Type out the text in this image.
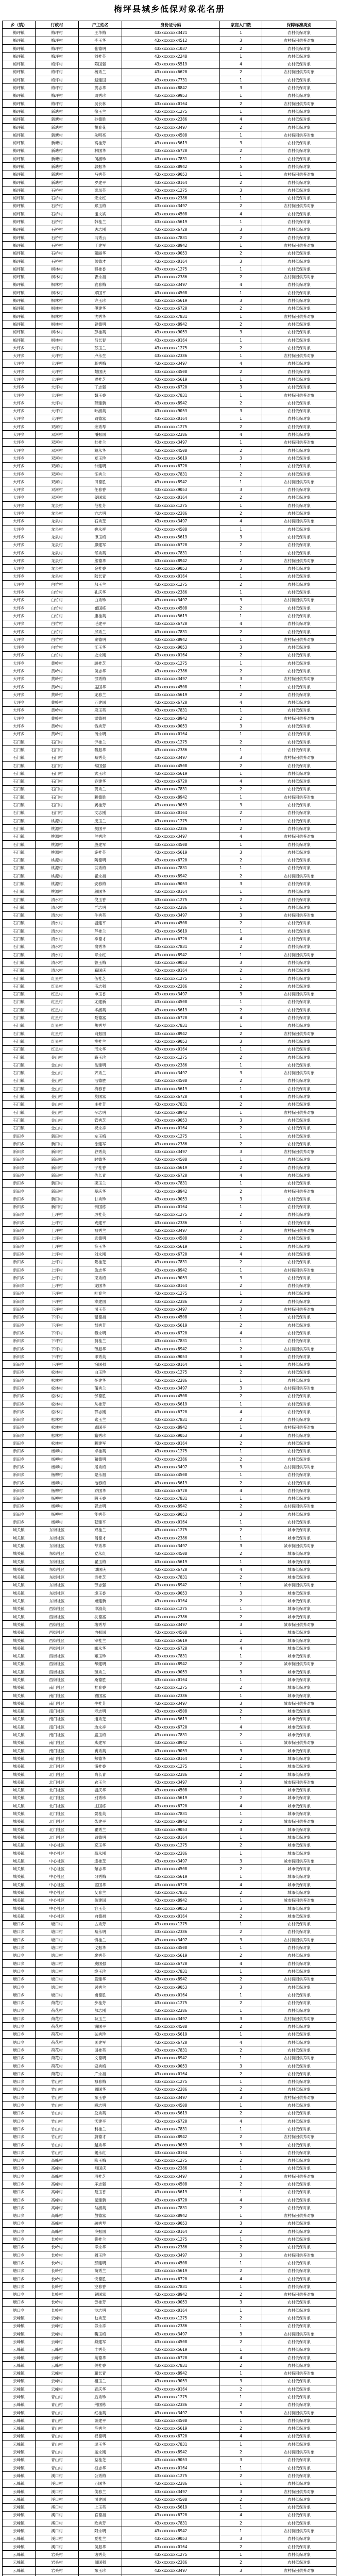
梅坪县城乡低保对象花名册
乡（镇）	行政村	户主姓名	身份证号码	家庭人口数	保障标准类别
梅坪镇	梅坪村	王华梅	43xxxxxxxx3421	1	农村低保对象
梅坪镇	梅坪村	李玉华	43xxxxxxxx4512	3	农村特困供养对象
梅坪镇	梅坪村	张德明	43xxxxxxxx1037	2	农村低保对象
梅坪镇	梅坪村	刘桂英	43xxxxxxxx2248	1	农村低保对象
梅坪镇	梅坪村	陈国强	43xxxxxxxx5519	4	农村低保对象
梅坪镇	梅坪村	杨秀兰	43xxxxxxxx6620	2	农村特困供养对象
梅坪镇	梅坪村	赵建国	43xxxxxxxx7731	1	农村低保对象
梅坪镇	梅坪村	黄志华	43xxxxxxxx8842	3	农村低保对象
梅坪镇	梅坪村	周秀珍	43xxxxxxxx9953	1	农村低保对象
梅坪镇	梅坪村	吴长林	43xxxxxxxx0164	2	农村特困供养对象
梅坪镇	新塘村	徐玉兰	43xxxxxxxx1275	1	农村低保对象
梅坪镇	新塘村	孙德胜	43xxxxxxxx2386	4	农村低保对象
梅坪镇	新塘村	胡春花	43xxxxxxxx3497	2	农村低保对象
梅坪镇	新塘村	朱明亮	43xxxxxxxx4508	1	农村特困供养对象
梅坪镇	新塘村	高桂芳	43xxxxxxxx5619	3	农村低保对象
梅坪镇	新塘村	林国华	43xxxxxxxx6720	2	农村低保对象
梅坪镇	新塘村	何淑珍	43xxxxxxxx7831	1	农村低保对象
梅坪镇	新塘村	郭振华	43xxxxxxxx8942	5	农村低保对象
梅坪镇	新塘村	马秀英	43xxxxxxxx9053	1	农村特困供养对象
梅坪镇	新塘村	罗建平	43xxxxxxxx0164	2	农村低保对象
梅坪镇	石桥村	梁凤英	43xxxxxxxx1275	3	农村低保对象
梅坪镇	石桥村	宋永红	43xxxxxxxx2386	1	农村低保对象
梅坪镇	石桥村	郑玉梅	43xxxxxxxx3497	2	农村特困供养对象
梅坪镇	石桥村	谢文斌	43xxxxxxxx4508	4	农村低保对象
梅坪镇	石桥村	韩桂兰	43xxxxxxxx5619	1	农村低保对象
梅坪镇	石桥村	唐志刚	43xxxxxxxx6720	3	农村低保对象
梅坪镇	石桥村	冯秀云	43xxxxxxxx7831	2	农村低保对象
梅坪镇	石桥村	于建军	43xxxxxxxx8942	1	农村特困供养对象
梅坪镇	石桥村	董丽华	43xxxxxxxx9053	2	农村低保对象
梅坪镇	石桥村	萧德才	43xxxxxxxx0164	3	农村低保对象
梅坪镇	枫林村	程桂香	43xxxxxxxx1275	1	农村低保对象
梅坪镇	枫林村	曹永福	43xxxxxxxx2386	2	农村特困供养对象
梅坪镇	枫林村	袁春梅	43xxxxxxxx3497	4	农村低保对象
梅坪镇	枫林村	邓国平	43xxxxxxxx4508	1	农村低保对象
梅坪镇	枫林村	许玉珍	43xxxxxxxx5619	3	农村低保对象
梅坪镇	枫林村	傅建华	43xxxxxxxx6720	2	农村低保对象
梅坪镇	枫林村	沈秀华	43xxxxxxxx7831	1	农村特困供养对象
梅坪镇	枫林村	曾德明	43xxxxxxxx8942	2	农村低保对象
梅坪镇	枫林村	彭桂英	43xxxxxxxx9053	3	农村低保对象
梅坪镇	枫林村	吕长春	43xxxxxxxx0164	1	农村低保对象
大坪乡	大坪村	苏玉兰	43xxxxxxxx1275	2	农村低保对象
大坪乡	大坪村	卢永生	43xxxxxxxx2386	1	农村特困供养对象
大坪乡	大坪村	蒋秀梅	43xxxxxxxx3497	4	农村低保对象
大坪乡	大坪村	蔡国庆	43xxxxxxxx4508	2	农村低保对象
大坪乡	大坪村	贾桂芝	43xxxxxxxx5619	1	农村低保对象
大坪乡	大坪村	丁志强	43xxxxxxxx6720	3	农村低保对象
大坪乡	大坪村	魏玉香	43xxxxxxxx7831	1	农村特困供养对象
大坪乡	大坪村	薛建新	43xxxxxxxx8942	2	农村低保对象
大坪乡	大坪村	叶淑英	43xxxxxxxx9053	3	农村低保对象
大坪乡	大坪村	阎德富	43xxxxxxxx0164	1	农村低保对象
大坪乡	双河村	余秀琴	43xxxxxxxx1275	2	农村低保对象
大坪乡	双河村	潘振国	43xxxxxxxx2386	4	农村低保对象
大坪乡	双河村	杜桂兰	43xxxxxxxx3497	1	农村特困供养对象
大坪乡	双河村	戴永华	43xxxxxxxx4508	2	农村低保对象
大坪乡	双河村	夏玉珍	43xxxxxxxx5619	3	农村低保对象
大坪乡	双河村	钟建明	43xxxxxxxx6720	1	农村低保对象
大坪乡	双河村	汪秀兰	43xxxxxxxx7831	2	农村低保对象
大坪乡	双河村	田德胜	43xxxxxxxx8942	1	农村特困供养对象
大坪乡	双河村	任春香	43xxxxxxxx9053	3	农村低保对象
大坪乡	双河村	姜国富	43xxxxxxxx0164	2	农村低保对象
大坪乡	龙泉村	范桂芳	43xxxxxxxx1275	1	农村低保对象
大坪乡	龙泉村	方志明	43xxxxxxxx2386	2	农村低保对象
大坪乡	龙泉村	石秀芝	43xxxxxxxx3497	4	农村特困供养对象
大坪乡	龙泉村	姚永祥	43xxxxxxxx4508	1	农村低保对象
大坪乡	龙泉村	谭玉梅	43xxxxxxxx5619	3	农村低保对象
大坪乡	龙泉村	廖建军	43xxxxxxxx6720	2	农村低保对象
大坪乡	龙泉村	邹秀英	43xxxxxxxx7831	1	农村低保对象
大坪乡	龙泉村	熊德华	43xxxxxxxx8942	2	农村特困供养对象
大坪乡	龙泉村	金桂香	43xxxxxxxx9053	3	农村低保对象
大坪乡	龙泉村	陆长青	43xxxxxxxx0164	1	农村低保对象
大坪乡	白竹村	郝玉兰	43xxxxxxxx1275	2	农村低保对象
大坪乡	白竹村	孔庆华	43xxxxxxxx2386	1	农村低保对象
大坪乡	白竹村	白秀珍	43xxxxxxxx3497	3	农村特困供养对象
大坪乡	白竹村	崔国栋	43xxxxxxxx4508	2	农村低保对象
大坪乡	白竹村	康桂英	43xxxxxxxx5619	1	农村低保对象
大坪乡	白竹村	毛建平	43xxxxxxxx6720	4	农村低保对象
大坪乡	白竹村	邱秀兰	43xxxxxxxx7831	2	农村低保对象
大坪乡	白竹村	秦德明	43xxxxxxxx8942	1	农村特困供养对象
大坪乡	白竹村	江玉华	43xxxxxxxx9053	3	农村低保对象
大坪乡	白竹村	史永刚	43xxxxxxxx0164	2	农村低保对象
大坪乡	黄岭村	顾桂芝	43xxxxxxxx1275	1	农村低保对象
大坪乡	黄岭村	侯志华	43xxxxxxxx2386	2	农村低保对象
大坪乡	黄岭村	邵秀梅	43xxxxxxxx3497	3	农村特困供养对象
大坪乡	黄岭村	孟国华	43xxxxxxxx4508	1	农村低保对象
大坪乡	黄岭村	龙春兰	43xxxxxxxx5619	2	农村低保对象
大坪乡	黄岭村	万建国	43xxxxxxxx6720	4	农村低保对象
大坪乡	黄岭村	段玉英	43xxxxxxxx7831	1	农村低保对象
大坪乡	黄岭村	雷德福	43xxxxxxxx8942	2	农村特困供养对象
大坪乡	黄岭村	钱秀芳	43xxxxxxxx9053	3	农村低保对象
大坪乡	黄岭村	汤永明	43xxxxxxxx0164	1	农村低保对象
石门镇	石门村	尹桂兰	43xxxxxxxx1275	2	农村低保对象
石门镇	石门村	黎振华	43xxxxxxxx2386	1	农村低保对象
石门镇	石门村	易秀英	43xxxxxxxx3497	3	农村特困供养对象
石门镇	石门村	常国强	43xxxxxxxx4508	2	农村低保对象
石门镇	石门村	武玉珍	43xxxxxxxx5619	1	农村低保对象
石门镇	石门村	乔建华	43xxxxxxxx6720	4	农村低保对象
石门镇	石门村	贺秀兰	43xxxxxxxx7831	2	农村低保对象
石门镇	石门村	赖德胜	43xxxxxxxx8942	1	农村特困供养对象
石门镇	石门村	龚桂芳	43xxxxxxxx9053	3	农村低保对象
石门镇	石门村	文志刚	43xxxxxxxx0164	2	农村低保对象
石门镇	桃源村	庞玉兰	43xxxxxxxx1275	1	农村低保对象
石门镇	桃源村	樊国平	43xxxxxxxx2386	2	农村低保对象
石门镇	桃源村	兰秀珍	43xxxxxxxx3497	4	农村特困供养对象
石门镇	桃源村	殷建军	43xxxxxxxx4508	1	农村低保对象
石门镇	桃源村	施桂英	43xxxxxxxx5619	3	农村低保对象
石门镇	桃源村	陶德明	43xxxxxxxx6720	2	农村低保对象
石门镇	桃源村	洪秀梅	43xxxxxxxx7831	1	农村低保对象
石门镇	桃源村	翟永福	43xxxxxxxx8942	2	农村特困供养对象
石门镇	桃源村	安春梅	43xxxxxxxx9053	3	农村低保对象
石门镇	桃源村	颜国华	43xxxxxxxx0164	1	农村低保对象
石门镇	清水村	倪玉香	43xxxxxxxx1275	2	农村低保对象
石门镇	清水村	严志明	43xxxxxxxx2386	1	农村低保对象
石门镇	清水村	牛秀英	43xxxxxxxx3497	3	农村特困供养对象
石门镇	清水村	温建平	43xxxxxxxx4508	2	农村低保对象
石门镇	清水村	芦桂兰	43xxxxxxxx5619	1	农村低保对象
石门镇	清水村	季德才	43xxxxxxxx6720	4	农村低保对象
石门镇	清水村	俞秀华	43xxxxxxxx7831	2	农村低保对象
石门镇	清水村	章永红	43xxxxxxxx8942	1	农村特困供养对象
石门镇	清水村	鲁玉梅	43xxxxxxxx9053	3	农村低保对象
石门镇	清水村	葛国庆	43xxxxxxxx0164	2	农村低保对象
石门镇	红星村	伍桂芝	43xxxxxxxx1275	1	农村低保对象
石门镇	红星村	韦志强	43xxxxxxxx2386	2	农村低保对象
石门镇	红星村	申玉香	43xxxxxxxx3497	3	农村特困供养对象
石门镇	红星村	尤建新	43xxxxxxxx4508	1	农村低保对象
石门镇	红星村	毕淑英	43xxxxxxxx5619	2	农村低保对象
石门镇	红星村	聂德富	43xxxxxxxx6720	4	农村低保对象
石门镇	红星村	焦秀琴	43xxxxxxxx7831	1	农村低保对象
石门镇	红星村	向振国	43xxxxxxxx8942	2	农村特困供养对象
石门镇	红星村	柳桂兰	43xxxxxxxx9053	3	农村低保对象
石门镇	红星村	邢永华	43xxxxxxxx0164	1	农村低保对象
石门镇	金山村	路玉珍	43xxxxxxxx1275	2	农村低保对象
石门镇	金山村	岳建明	43xxxxxxxx2386	1	农村低保对象
石门镇	金山村	齐秀兰	43xxxxxxxx3497	3	农村特困供养对象
石门镇	金山村	沿德胜	43xxxxxxxx4508	2	农村低保对象
石门镇	金山村	梅春香	43xxxxxxxx5619	1	农村低保对象
石门镇	金山村	莫国富	43xxxxxxxx6720	4	农村低保对象
石门镇	金山村	庄桂芳	43xxxxxxxx7831	2	农村低保对象
石门镇	金山村	辛志明	43xxxxxxxx8942	1	农村特困供养对象
石门镇	金山村	管秀芝	43xxxxxxxx9053	3	农村低保对象
石门镇	金山村	祝永祥	43xxxxxxxx0164	2	农村低保对象
新田乡	新田村	左玉梅	43xxxxxxxx1275	1	农村低保对象
新田乡	新田村	涂建军	43xxxxxxxx2386	2	农村低保对象
新田乡	新田村	谷秀英	43xxxxxxxx3497	3	农村特困供养对象
新田乡	新田村	时德华	43xxxxxxxx4508	1	农村低保对象
新田乡	新田村	宁桂香	43xxxxxxxx5619	2	农村低保对象
新田乡	新田村	仇长青	43xxxxxxxx6720	4	农村低保对象
新田乡	新田村	栾玉兰	43xxxxxxxx7831	1	农村低保对象
新田乡	新田村	暴庆华	43xxxxxxxx8942	2	农村特困供养对象
新田乡	新田村	甘秀珍	43xxxxxxxx9053	3	农村低保对象
新田乡	新田村	钭国栋	43xxxxxxxx0164	1	农村低保对象
新田乡	上坪村	厉桂英	43xxxxxxxx1275	2	农村低保对象
新田乡	上坪村	戎建平	43xxxxxxxx2386	1	农村低保对象
新田乡	上坪村	祖秀兰	43xxxxxxxx3497	3	农村特困供养对象
新田乡	上坪村	武德明	43xxxxxxxx4508	2	农村低保对象
新田乡	上坪村	符玉华	43xxxxxxxx5619	1	农村低保对象
新田乡	上坪村	刘永刚	43xxxxxxxx6720	4	农村低保对象
新田乡	上坪村	景桂芝	43xxxxxxxx7831	2	农村低保对象
新田乡	上坪村	詹志华	43xxxxxxxx8942	1	农村特困供养对象
新田乡	上坪村	束秀梅	43xxxxxxxx9053	3	农村低保对象
新田乡	上坪村	龙国华	43xxxxxxxx0164	2	农村低保对象
新田乡	下坪村	叶春兰	43xxxxxxxx1275	1	农村低保对象
新田乡	下坪村	幸建国	43xxxxxxxx2386	2	农村低保对象
新田乡	下坪村	司玉英	43xxxxxxxx3497	3	农村特困供养对象
新田乡	下坪村	韶德福	43xxxxxxxx4508	1	农村低保对象
新田乡	下坪村	郜秀芳	43xxxxxxxx5619	2	农村低保对象
新田乡	下坪村	黎永明	43xxxxxxxx6720	4	农村低保对象
新田乡	下坪村	蓟桂兰	43xxxxxxxx7831	1	农村低保对象
新田乡	下坪村	薄振华	43xxxxxxxx8942	2	农村特困供养对象
新田乡	下坪村	印秀英	43xxxxxxxx9053	3	农村低保对象
新田乡	下坪村	宿国强	43xxxxxxxx0164	1	农村低保对象
新田乡	松林村	白玉珍	43xxxxxxxx1275	2	农村低保对象
新田乡	松林村	怀建华	43xxxxxxxx2386	1	农村低保对象
新田乡	松林村	蒲秀兰	43xxxxxxxx3497	3	农村特困供养对象
新田乡	松林村	邰德胜	43xxxxxxxx4508	2	农村低保对象
新田乡	松林村	从桂芳	43xxxxxxxx5619	1	农村低保对象
新田乡	松林村	鄂志刚	43xxxxxxxx6720	4	农村低保对象
新田乡	松林村	索玉兰	43xxxxxxxx7831	2	农村低保对象
新田乡	松林村	咸国平	43xxxxxxxx8942	1	农村特困供养对象
新田乡	松林村	籍秀珍	43xxxxxxxx9053	3	农村低保对象
新田乡	松林村	赖建军	43xxxxxxxx0164	2	农村低保对象
新田乡	杨柳村	卓桂英	43xxxxxxxx1275	1	农村低保对象
新田乡	杨柳村	蔺德明	43xxxxxxxx2386	2	农村低保对象
新田乡	杨柳村	屠秀梅	43xxxxxxxx3497	3	农村特困供养对象
新田乡	杨柳村	蒙永福	43xxxxxxxx4508	1	农村低保对象
新田乡	杨柳村	池春梅	43xxxxxxxx5619	2	农村低保对象
新田乡	杨柳村	乔国华	43xxxxxxxx6720	4	农村低保对象
新田乡	杨柳村	阴玉香	43xxxxxxxx7831	1	农村低保对象
新田乡	杨柳村	胥志明	43xxxxxxxx8942	2	农村特困供养对象
新田乡	杨柳村	能秀英	43xxxxxxxx9053	3	农村低保对象
新田乡	杨柳村	苍建平	43xxxxxxxx0164	1	农村低保对象
城关镇	东街社区	双桂兰	43xxxxxxxx1275	2	城市低保对象
城关镇	东街社区	闻德才	43xxxxxxxx2386	1	城市低保对象
城关镇	东街社区	莘秀华	43xxxxxxxx3497	3	城市特困供养对象
城关镇	东街社区	党永红	43xxxxxxxx4508	2	城市低保对象
城关镇	东街社区	翟玉梅	43xxxxxxxx5619	1	城市低保对象
城关镇	东街社区	谭国庆	43xxxxxxxx6720	4	城市低保对象
城关镇	东街社区	贡桂芝	43xxxxxxxx7831	2	城市低保对象
城关镇	东街社区	劳志强	43xxxxxxxx8942	1	城市特困供养对象
城关镇	东街社区	逄玉香	43xxxxxxxx9053	3	城市低保对象
城关镇	东街社区	姬建新	43xxxxxxxx0164	2	城市低保对象
城关镇	西街社区	申淑英	43xxxxxxxx1275	1	城市低保对象
城关镇	西街社区	扶德富	43xxxxxxxx2386	2	城市低保对象
城关镇	西街社区	堵秀琴	43xxxxxxxx3497	3	城市特困供养对象
城关镇	西街社区	冉振国	43xxxxxxxx4508	1	城市低保对象
城关镇	西街社区	宰桂兰	43xxxxxxxx5619	2	城市低保对象
城关镇	西街社区	郦永华	43xxxxxxxx6720	4	城市低保对象
城关镇	西街社区	雍玉珍	43xxxxxxxx7831	1	城市低保对象
城关镇	西街社区	却建明	43xxxxxxxx8942	2	城市特困供养对象
城关镇	西街社区	璩秀兰	43xxxxxxxx9053	3	城市低保对象
城关镇	西街社区	桑德胜	43xxxxxxxx0164	1	城市低保对象
城关镇	南门社区	桂春香	43xxxxxxxx1275	2	城市低保对象
城关镇	南门社区	濮国富	43xxxxxxxx2386	1	城市低保对象
城关镇	南门社区	牛桂芳	43xxxxxxxx3497	3	城市特困供养对象
城关镇	南门社区	寿志明	43xxxxxxxx4508	2	城市低保对象
城关镇	南门社区	通秀芝	43xxxxxxxx5619	1	城市低保对象
城关镇	南门社区	边永祥	43xxxxxxxx6720	4	城市低保对象
城关镇	南门社区	扈玉梅	43xxxxxxxx7831	2	城市低保对象
城关镇	南门社区	燕建军	43xxxxxxxx8942	1	城市特困供养对象
城关镇	南门社区	冀秀英	43xxxxxxxx9053	3	城市低保对象
城关镇	南门社区	郏德华	43xxxxxxxx0164	2	城市低保对象
城关镇	北门社区	浦桂香	43xxxxxxxx1275	1	城市低保对象
城关镇	北门社区	尚长青	43xxxxxxxx2386	2	城市低保对象
城关镇	北门社区	农玉兰	43xxxxxxxx3497	3	城市特困供养对象
城关镇	北门社区	温庆华	43xxxxxxxx4508	1	城市低保对象
城关镇	北门社区	别秀珍	43xxxxxxxx5619	2	城市低保对象
城关镇	北门社区	庄国栋	43xxxxxxxx6720	4	城市低保对象
城关镇	北门社区	晏桂英	43xxxxxxxx7831	1	城市低保对象
城关镇	北门社区	柴建平	43xxxxxxxx8942	2	城市特困供养对象
城关镇	北门社区	瞿秀兰	43xxxxxxxx9053	3	城市低保对象
城关镇	北门社区	阎德明	43xxxxxxxx0164	1	城市低保对象
城关镇	中心社区	充玉华	43xxxxxxxx1275	2	城市低保对象
城关镇	中心社区	慕永刚	43xxxxxxxx2386	1	城市低保对象
城关镇	中心社区	连桂芝	43xxxxxxxx3497	3	城市特困供养对象
城关镇	中心社区	茹志华	43xxxxxxxx4508	2	城市低保对象
城关镇	中心社区	习秀梅	43xxxxxxxx5619	1	城市低保对象
城关镇	中心社区	宦国华	43xxxxxxxx6720	4	城市低保对象
城关镇	中心社区	艾春兰	43xxxxxxxx7831	2	城市低保对象
城关镇	中心社区	鱼建国	43xxxxxxxx8942	1	城市特困供养对象
城关镇	中心社区	容玉英	43xxxxxxxx9053	3	城市低保对象
城关镇	中心社区	向德福	43xxxxxxxx0164	2	城市低保对象
塘口乡	塘口村	古秀芳	43xxxxxxxx1275	1	农村低保对象
塘口乡	塘口村	易永明	43xxxxxxxx2386	2	农村低保对象
塘口乡	塘口村	慎桂兰	43xxxxxxxx3497	3	农村特困供养对象
塘口乡	塘口村	戈振华	43xxxxxxxx4508	1	农村低保对象
塘口乡	塘口村	廖秀英	43xxxxxxxx5619	2	农村低保对象
塘口乡	塘口村	庾国强	43xxxxxxxx6720	4	农村低保对象
塘口乡	塘口村	终玉珍	43xxxxxxxx7831	1	农村低保对象
塘口乡	塘口村	暨建华	43xxxxxxxx8942	2	农村特困供养对象
塘口乡	塘口村	居秀兰	43xxxxxxxx9053	3	农村低保对象
塘口乡	塘口村	衡德胜	43xxxxxxxx0164	1	农村低保对象
塘口乡	荷花村	步桂芳	43xxxxxxxx1275	2	农村低保对象
塘口乡	荷花村	都志刚	43xxxxxxxx2386	1	农村低保对象
塘口乡	荷花村	耿玉兰	43xxxxxxxx3497	3	农村特困供养对象
塘口乡	荷花村	满国平	43xxxxxxxx4508	2	农村低保对象
塘口乡	荷花村	弘秀珍	43xxxxxxxx5619	1	农村低保对象
塘口乡	荷花村	匡建军	43xxxxxxxx6720	4	农村低保对象
塘口乡	荷花村	国桂英	43xxxxxxxx7831	2	农村低保对象
塘口乡	荷花村	文德明	43xxxxxxxx8942	1	农村特困供养对象
塘口乡	荷花村	寇秀梅	43xxxxxxxx9053	3	农村低保对象
塘口乡	荷花村	广永福	43xxxxxxxx0164	2	农村低保对象
塘口乡	竹山村	禄春梅	43xxxxxxxx1275	1	农村低保对象
塘口乡	竹山村	阙国华	43xxxxxxxx2386	2	农村低保对象
塘口乡	竹山村	东玉香	43xxxxxxxx3497	3	农村特困供养对象
塘口乡	竹山村	殴志明	43xxxxxxxx4508	1	农村低保对象
塘口乡	竹山村	殳秀英	43xxxxxxxx5619	2	农村低保对象
塘口乡	竹山村	沃建平	43xxxxxxxx6720	4	农村低保对象
塘口乡	竹山村	利桂兰	43xxxxxxxx7831	1	农村低保对象
塘口乡	竹山村	蔚德才	43xxxxxxxx8942	2	农村特困供养对象
塘口乡	竹山村	越秀华	43xxxxxxxx9053	3	农村低保对象
塘口乡	竹山村	夔永红	43xxxxxxxx0164	1	农村低保对象
塘口乡	高峰村	隆玉梅	43xxxxxxxx1275	2	农村低保对象
塘口乡	高峰村	师国庆	43xxxxxxxx2386	1	农村低保对象
塘口乡	高峰村	巩桂芝	43xxxxxxxx3497	3	农村特困供养对象
塘口乡	高峰村	厍志强	43xxxxxxxx4508	2	农村低保对象
塘口乡	高峰村	聂玉香	43xxxxxxxx5619	1	农村低保对象
塘口乡	高峰村	晁建新	43xxxxxxxx6720	4	农村低保对象
塘口乡	高峰村	勾淑英	43xxxxxxxx7831	2	农村低保对象
塘口乡	高峰村	敖德富	43xxxxxxxx8942	1	农村特困供养对象
塘口乡	高峰村	融秀琴	43xxxxxxxx9053	3	农村低保对象
塘口乡	高峰村	冷振国	43xxxxxxxx0164	2	农村低保对象
塘口乡	长岭村	訾桂兰	43xxxxxxxx1275	1	农村低保对象
塘口乡	长岭村	辛永华	43xxxxxxxx2386	2	农村低保对象
塘口乡	长岭村	阚玉珍	43xxxxxxxx3497	3	农村特困供养对象
塘口乡	长岭村	那建明	43xxxxxxxx4508	1	农村低保对象
塘口乡	长岭村	简秀兰	43xxxxxxxx5619	2	农村低保对象
塘口乡	长岭村	饶德胜	43xxxxxxxx6720	4	农村低保对象
塘口乡	长岭村	空春香	43xxxxxxxx7831	1	农村低保对象
塘口乡	长岭村	曾国富	43xxxxxxxx8942	2	农村特困供养对象
塘口乡	长岭村	毋桂芳	43xxxxxxxx9053	3	农村低保对象
塘口乡	长岭村	沙志明	43xxxxxxxx0164	1	农村低保对象
云峰镇	云峰村	乜秀芝	43xxxxxxxx1275	2	农村低保对象
云峰镇	云峰村	养永祥	43xxxxxxxx2386	1	农村低保对象
云峰镇	云峰村	鞠玉梅	43xxxxxxxx3497	3	农村特困供养对象
云峰镇	云峰村	须建军	43xxxxxxxx4508	2	农村低保对象
云峰镇	云峰村	丰秀英	43xxxxxxxx5619	1	农村低保对象
云峰镇	云峰村	巢德华	43xxxxxxxx6720	4	农村低保对象
云峰镇	云峰村	关桂香	43xxxxxxxx7831	2	农村低保对象
云峰镇	云峰村	蒯长青	43xxxxxxxx8942	1	农村特困供养对象
云峰镇	云峰村	相玉兰	43xxxxxxxx9053	3	农村低保对象
云峰镇	云峰村	查庆华	43xxxxxxxx0164	2	农村低保对象
云峰镇	青山村	后秀珍	43xxxxxxxx1275	1	农村低保对象
云峰镇	青山村	荆国栋	43xxxxxxxx2386	2	农村低保对象
云峰镇	青山村	红桂英	43xxxxxxxx3497	3	农村特困供养对象
云峰镇	青山村	游建平	43xxxxxxxx4508	1	农村低保对象
云峰镇	青山村	竺秀兰	43xxxxxxxx5619	2	农村低保对象
云峰镇	青山村	权德明	43xxxxxxxx6720	4	农村低保对象
云峰镇	青山村	逯玉华	43xxxxxxxx7831	1	农村低保对象
云峰镇	青山村	盖永刚	43xxxxxxxx8942	2	农村特困供养对象
云峰镇	青山村	益桂芝	43xxxxxxxx9053	3	农村低保对象
云峰镇	青山村	桓志华	43xxxxxxxx0164	1	农村低保对象
云峰镇	溪口村	公秀梅	43xxxxxxxx1275	2	农村低保对象
云峰镇	溪口村	万国华	43xxxxxxxx2386	1	农村低保对象
云峰镇	溪口村	俟春兰	43xxxxxxxx3497	3	农村特困供养对象
云峰镇	溪口村	司建国	43xxxxxxxx4508	2	农村低保对象
云峰镇	溪口村	上玉英	43xxxxxxxx5619	1	农村低保对象
云峰镇	溪口村	官德福	43xxxxxxxx6720	4	农村低保对象
云峰镇	溪口村	欧秀芳	43xxxxxxxx7831	2	农村低保对象
云峰镇	溪口村	阳永明	43xxxxxxxx8942	1	农村特困供养对象
云峰镇	溪口村	夏桂兰	43xxxxxxxx9053	3	农村低保对象
云峰镇	溪口村	侯振华	43xxxxxxxx0164	2	农村低保对象
云峰镇	岩头村	诸秀英	43xxxxxxxx1275	1	农村低保对象
云峰镇	岩头村	闻国强	43xxxxxxxx2386	2	农村低保对象
云峰镇	岩头村	东玉珍	43xxxxxxxx3497	3	农村特困供养对象
